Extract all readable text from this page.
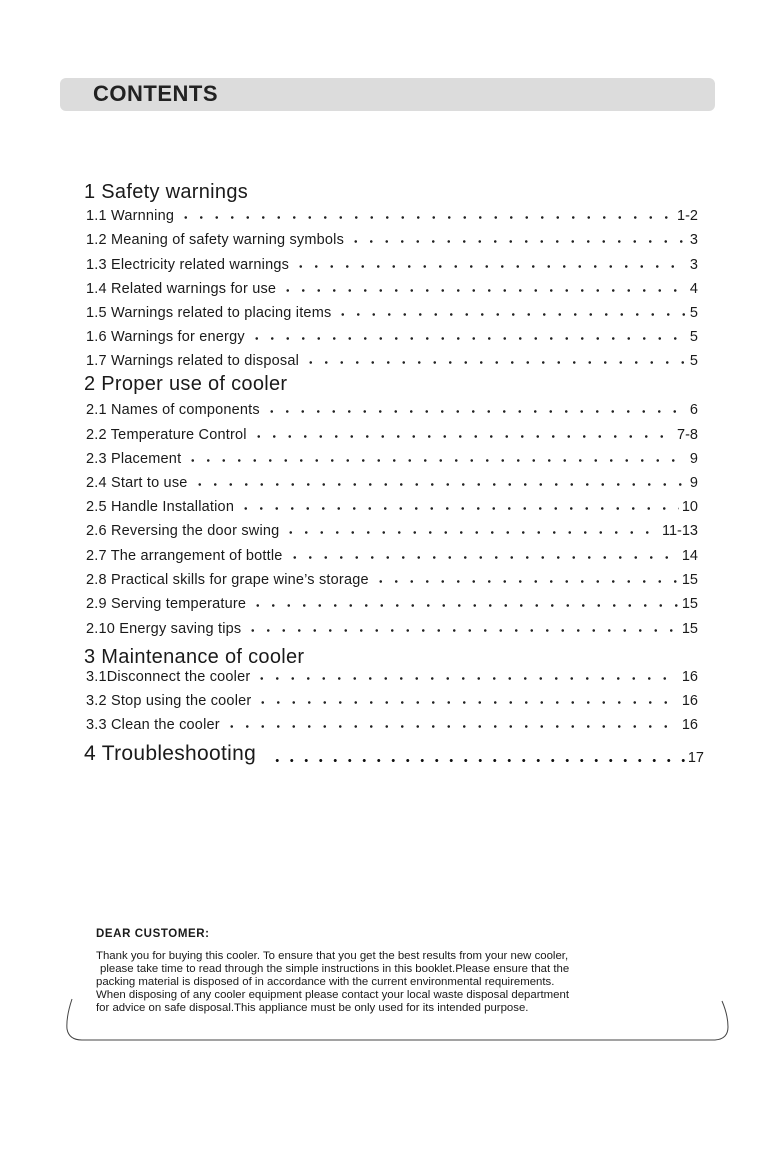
CONTENTS
1 Safety warnings
1.1 Warnning	1-2
1.2 Meaning of safety warning symbols	3
1.3 Electricity related warnings	3
1.4 Related warnings for use	4
1.5 Warnings related to placing items	5
1.6 Warnings for energy	5
1.7 Warnings related to disposal	5
2 Proper use of cooler
2.1 Names of components	6
2.2 Temperature Control	7-8
2.3 Placement	9
2.4 Start to use	9
2.5 Handle Installation	10
2.6 Reversing the door swing	11-13
2.7 The arrangement of bottle	14
2.8 Practical skills for grape wine’s storage	15
2.9 Serving temperature	15
2.10 Energy saving tips	15
3 Maintenance of cooler
3.1Disconnect the cooler	16
3.2 Stop using the cooler	16
3.3 Clean the cooler	16
4 Troubleshooting	17

DEAR CUSTOMER:

Thank you for buying this cooler. To ensure that you get the best results from your new cooler,
please take time to read through the simple instructions in this booklet.Please ensure that the
packing material is disposed of in accordance with the current environmental requirements.
When disposing of any cooler equipment please contact your local waste disposal department
for advice on safe disposal.This appliance must be only used for its intended purpose.
